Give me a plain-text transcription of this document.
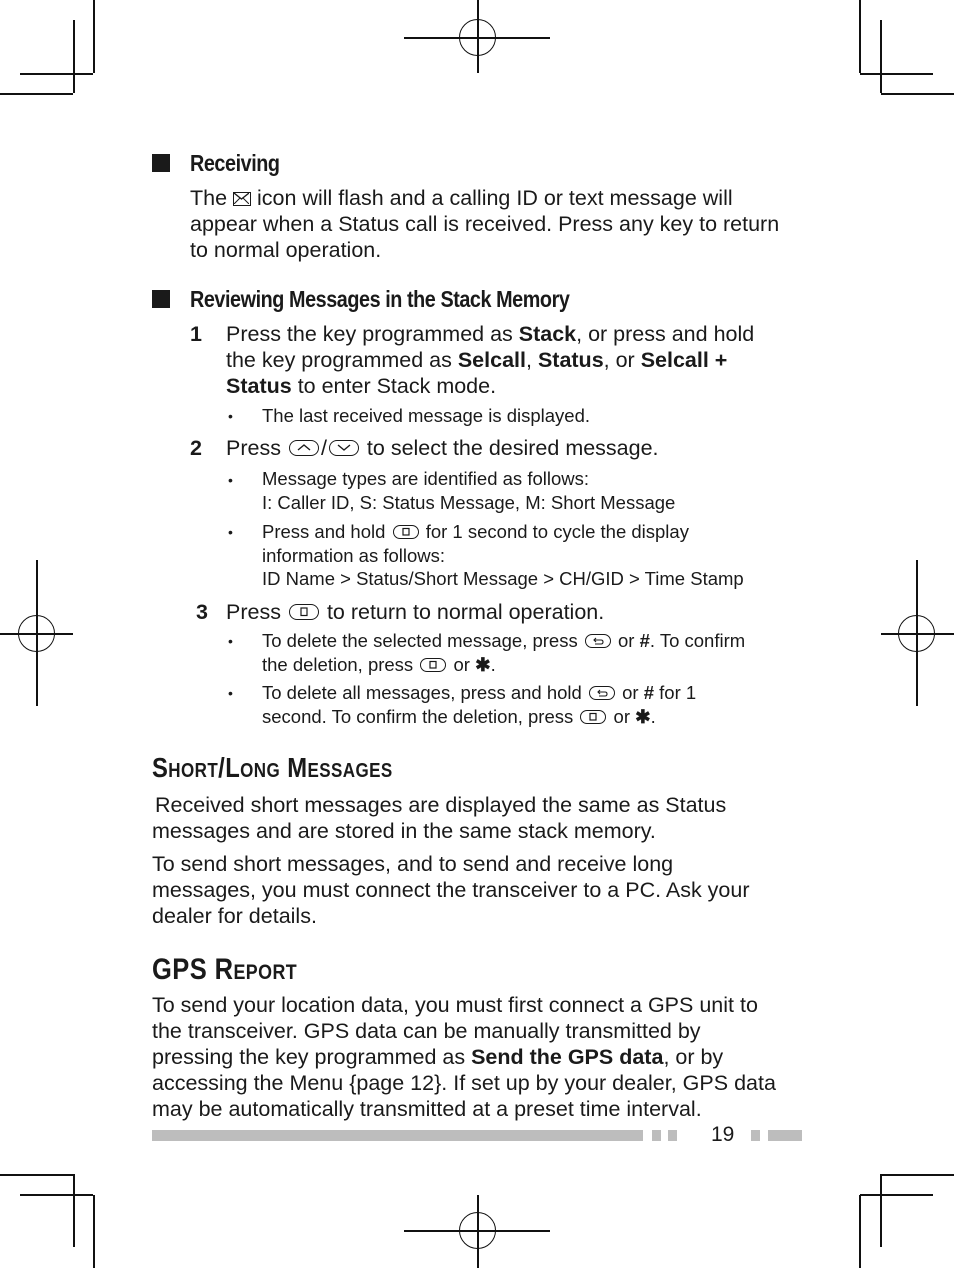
Receiving
The icon will flash and a calling ID or text message will appear when a Status call is received. Press any key to return to normal operation.
Reviewing Messages in the Stack Memory
1 Press the key programmed as Stack, or press and hold the key programmed as Selcall, Status, or Selcall + Status to enter Stack mode.
• The last received message is displayed.
2 Press / to select the desired message.
• Message types are identified as follows:
I: Caller ID, S: Status Message, M: Short Message
• Press and hold for 1 second to cycle the display information as follows:
ID Name > Status/Short Message > CH/GID > Time Stamp
3 Press to return to normal operation.
• To delete the selected message, press or #. To confirm the deletion, press or ✱.
• To delete all messages, press and hold or # for 1 second. To confirm the deletion, press or ✱.
Short/Long Messages
Received short messages are displayed the same as Status messages and are stored in the same stack memory.
To send short messages, and to send and receive long messages, you must connect the transceiver to a PC. Ask your dealer for details.
GPS Report
To send your location data, you must first connect a GPS unit to the transceiver. GPS data can be manually transmitted by pressing the key programmed as Send the GPS data, or by accessing the Menu {page 12}. If set up by your dealer, GPS data may be automatically transmitted at a preset time interval.
19
